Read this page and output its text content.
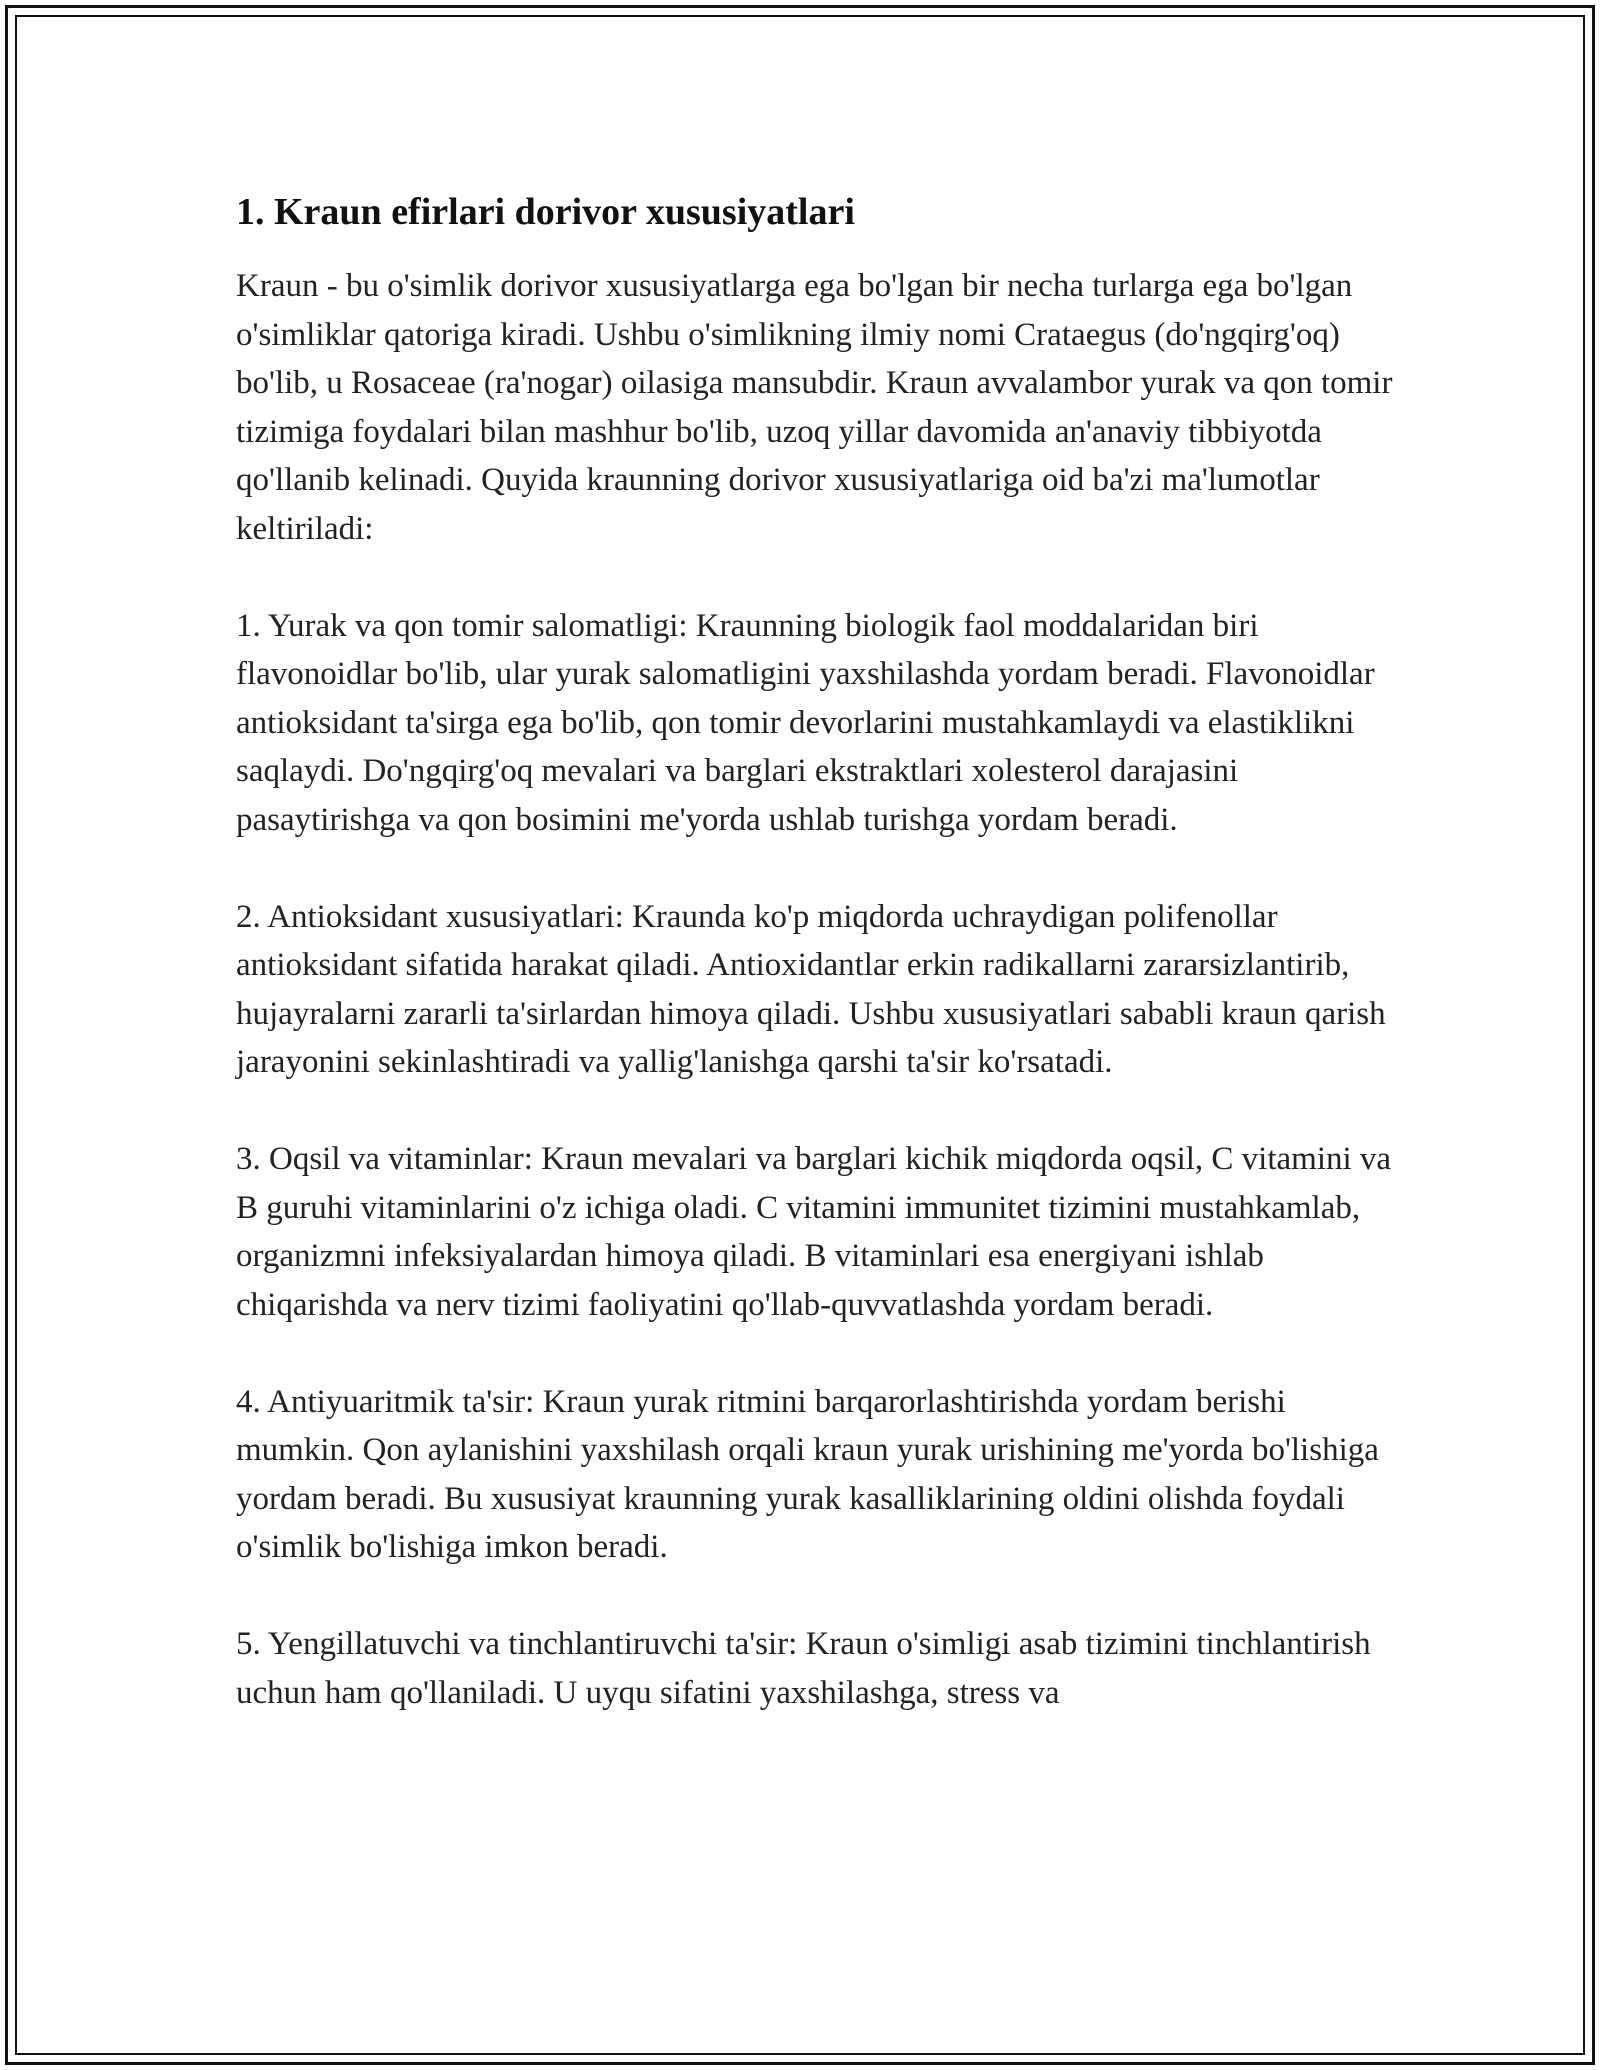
1. Kraun efirlari dorivor xususiyatlari

Kraun - bu o'simlik dorivor xususiyatlarga ega bo'lgan bir necha turlarga ega bo'lgan o'simliklar qatoriga kiradi. Ushbu o'simlikning ilmiy nomi Crataegus (do'ngqirg'oq) bo'lib, u Rosaceae (ra'nogar) oilasiga mansubdir. Kraun avvalambor yurak va qon tomir tizimiga foydalari bilan mashhur bo'lib, uzoq yillar davomida an'anaviy tibbiyotda qo'llanib kelinadi. Quyida kraunning dorivor xususiyatlariga oid ba'zi ma'lumotlar keltiriladi:

1. Yurak va qon tomir salomatligi: Kraunning biologik faol moddalaridan biri flavonoidlar bo'lib, ular yurak salomatligini yaxshilashda yordam beradi. Flavonoidlar antioksidant ta'sirga ega bo'lib, qon tomir devorlarini mustahkamlaydi va elastiklikni saqlaydi. Do'ngqirg'oq mevalari va barglari ekstraktlari xolesterol darajasini pasaytirishga va qon bosimini me'yorda ushlab turishga yordam beradi.

2. Antioksidant xususiyatlari: Kraunda ko'p miqdorda uchraydigan polifenollar antioksidant sifatida harakat qiladi. Antioxidantlar erkin radikallarni zararsizlantirib, hujayralarni zararli ta'sirlardan himoya qiladi. Ushbu xususiyatlari sababli kraun qarish jarayonini sekinlashtiradi va yallig'lanishga qarshi ta'sir ko'rsatadi.

3. Oqsil va vitaminlar: Kraun mevalari va barglari kichik miqdorda oqsil, C vitamini va B guruhi vitaminlarini o'z ichiga oladi. C vitamini immunitet tizimini mustahkamlab, organizmni infeksiyalardan himoya qiladi. B vitaminlari esa energiyani ishlab chiqarishda va nerv tizimi faoliyatini qo'llab-quvvatlashda yordam beradi.

4. Antiyuaritmik ta'sir: Kraun yurak ritmini barqarorlashtirishda yordam berishi mumkin. Qon aylanishini yaxshilash orqali kraun yurak urishining me'yorda bo'lishiga yordam beradi. Bu xususiyat kraunning yurak kasalliklarining oldini olishda foydali o'simlik bo'lishiga imkon beradi.

5. Yengillatuvchi va tinchlantiruvchi ta'sir: Kraun o'simligi asab tizimini tinchlantirish uchun ham qo'llaniladi. U uyqu sifatini yaxshilashga, stress va
